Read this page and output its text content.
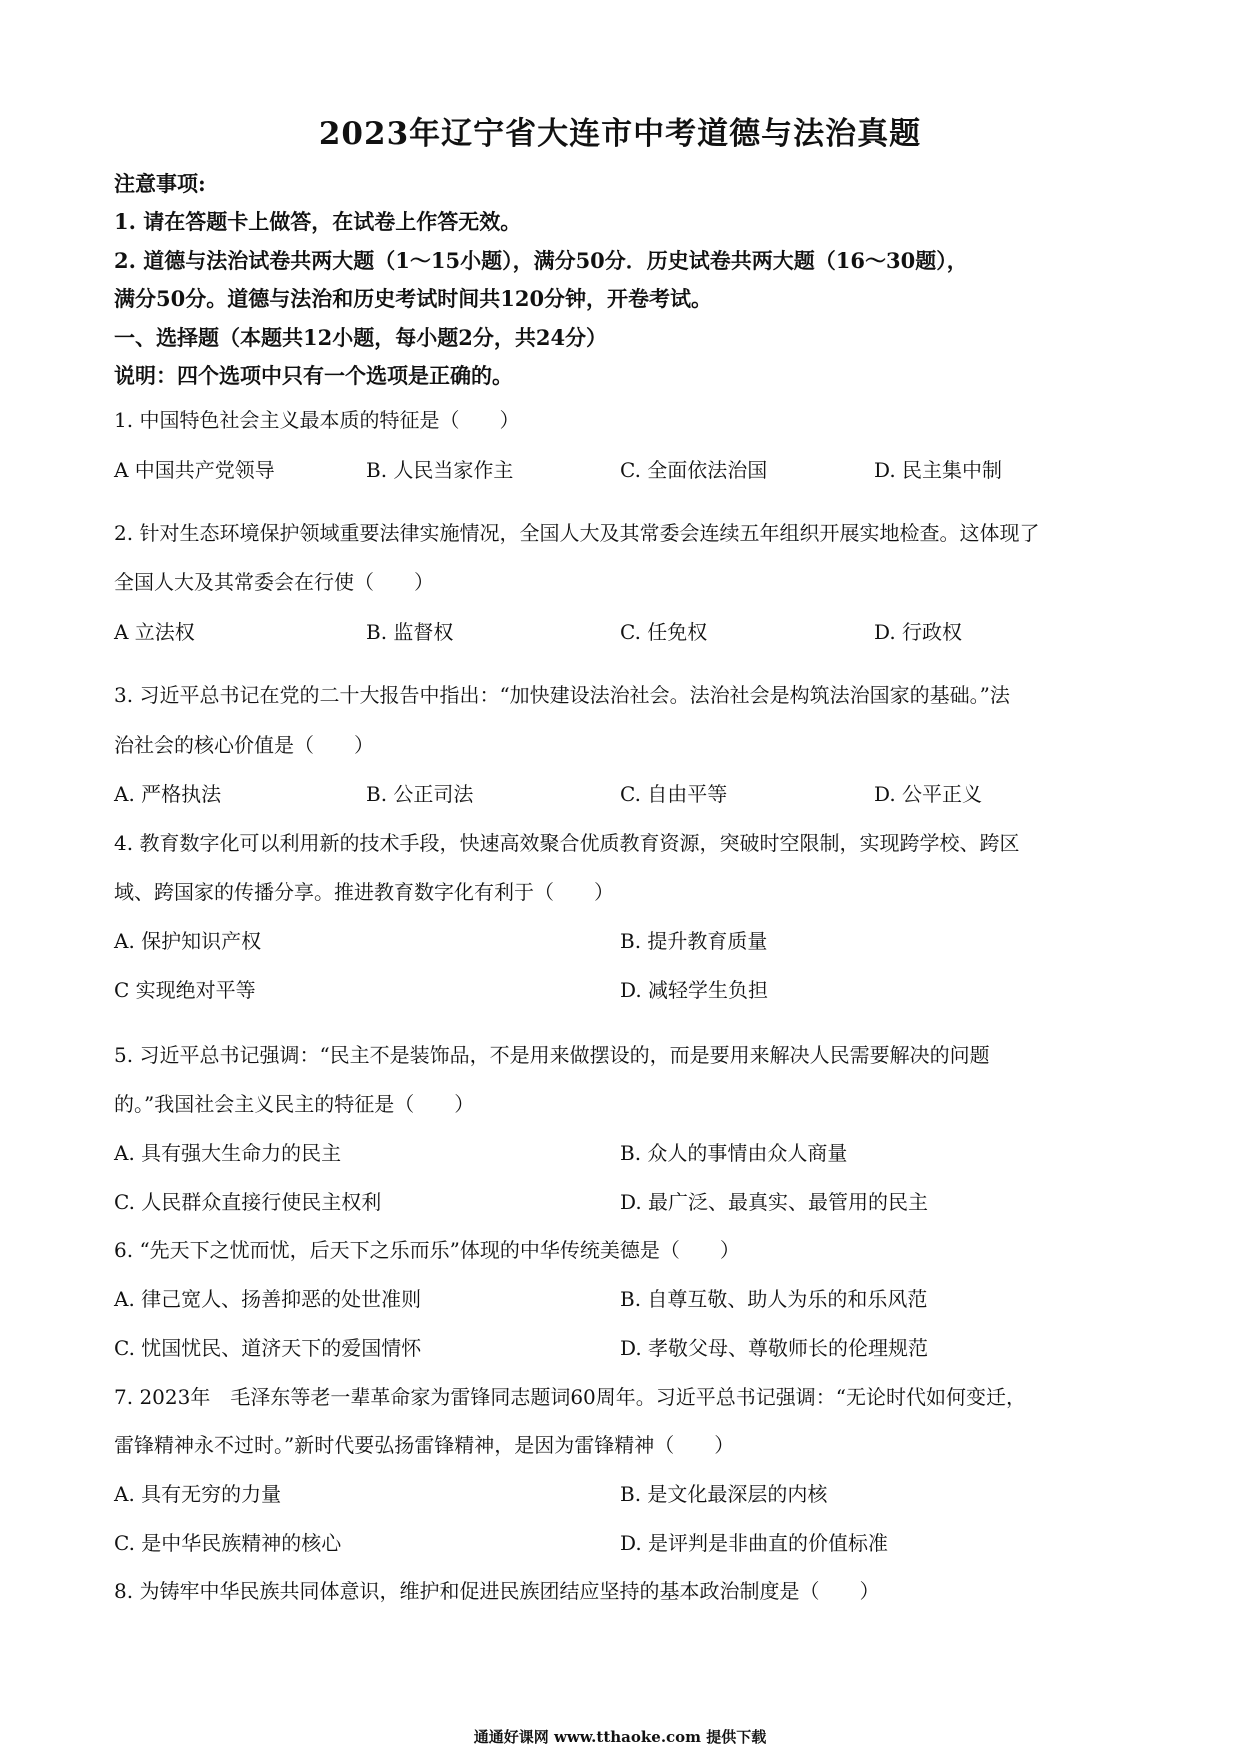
2023年辽宁省大连市中考道德与法治真题
注意事项:
1. 请在答题卡上做答，在试卷上作答无效。
2. 道德与法治试卷共两大题（1～15小题），满分50分．历史试卷共两大题（16～30题），
满分50分。道德与法治和历史考试时间共120分钟，开卷考试。
一、选择题（本题共12小题，每小题2分，共24分）
说明：四个选项中只有一个选项是正确的。
1. 中国特色社会主义最本质的特征是（　　）
A 中国共产党领导	B. 人民当家作主	C. 全面依法治国	D. 民主集中制
2. 针对生态环境保护领域重要法律实施情况，全国人大及其常委会连续五年组织开展实地检查。这体现了
全国人大及其常委会在行使（　　）
A 立法权	B. 监督权	C. 任免权	D. 行政权
3. 习近平总书记在党的二十大报告中指出：“加快建设法治社会。法治社会是构筑法治国家的基础。”法
治社会的核心价值是（　　）
A. 严格执法	B. 公正司法	C. 自由平等	D. 公平正义
4. 教育数字化可以利用新的技术手段，快速高效聚合优质教育资源，突破时空限制，实现跨学校、跨区
域、跨国家的传播分享。推进教育数字化有利于（　　）
A. 保护知识产权	B. 提升教育质量
C 实现绝对平等	D. 减轻学生负担
5. 习近平总书记强调：“民主不是装饰品，不是用来做摆设的，而是要用来解决人民需要解决的问题
的。”我国社会主义民主的特征是（　　）
A. 具有强大生命力的民主	B. 众人的事情由众人商量
C. 人民群众直接行使民主权利	D. 最广泛、最真实、最管用的民主
6. “先天下之忧而忧，后天下之乐而乐”体现的中华传统美德是（　　）
A. 律己宽人、扬善抑恶的处世准则	B. 自尊互敬、助人为乐的和乐风范
C. 忧国忧民、道济天下的爱国情怀	D. 孝敬父母、尊敬师长的伦理规范
7. 2023年　毛泽东等老一辈革命家为雷锋同志题词60周年。习近平总书记强调：“无论时代如何变迁，
雷锋精神永不过时。”新时代要弘扬雷锋精神，是因为雷锋精神（　　）
A. 具有无穷的力量	B. 是文化最深层的内核
C. 是中华民族精神的核心	D. 是评判是非曲直的价值标准
8. 为铸牢中华民族共同体意识，维护和促进民族团结应坚持的基本政治制度是（　　）
通通好课网 www.tthaoke.com 提供下载
